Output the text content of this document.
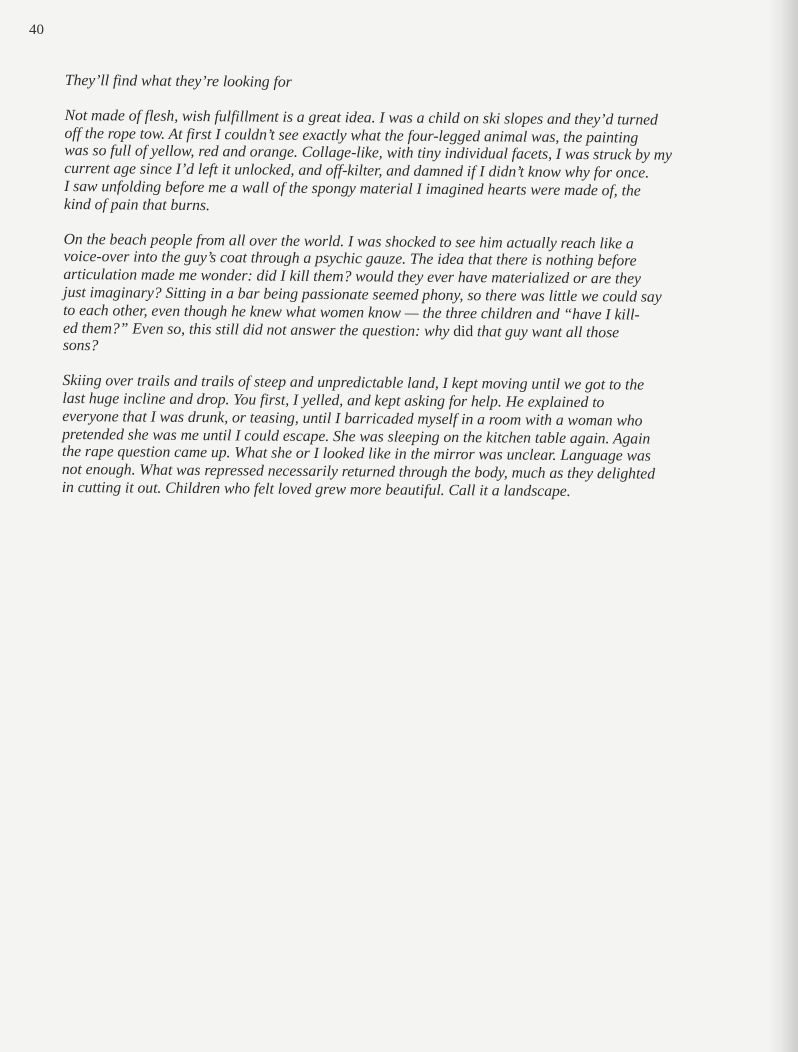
40
They’ll find what they’re looking for
Not made of flesh, wish fulfillment is a great idea. I was a child on ski slopes and they’d turned
off the rope tow. At first I couldn’t see exactly what the four-legged animal was, the painting
was so full of yellow, red and orange. Collage-like, with tiny individual facets, I was struck by my
current age since I’d left it unlocked, and off-kilter, and damned if I didn’t know why for once.
I saw unfolding before me a wall of the spongy material I imagined hearts were made of, the
kind of pain that burns.
On the beach people from all over the world. I was shocked to see him actually reach like a
voice-over into the guy’s coat through a psychic gauze. The idea that there is nothing before
articulation made me wonder: did I kill them? would they ever have materialized or are they
just imaginary? Sitting in a bar being passionate seemed phony, so there was little we could say
to each other, even though he knew what women know — the three children and “have I kill-
ed them?” Even so, this still did not answer the question: why did that guy want all those
sons?
Skiing over trails and trails of steep and unpredictable land, I kept moving until we got to the
last huge incline and drop. You first, I yelled, and kept asking for help. He explained to
everyone that I was drunk, or teasing, until I barricaded myself in a room with a woman who
pretended she was me until I could escape. She was sleeping on the kitchen table again. Again
the rape question came up. What she or I looked like in the mirror was unclear. Language was
not enough. What was repressed necessarily returned through the body, much as they delighted
in cutting it out. Children who felt loved grew more beautiful. Call it a landscape.
